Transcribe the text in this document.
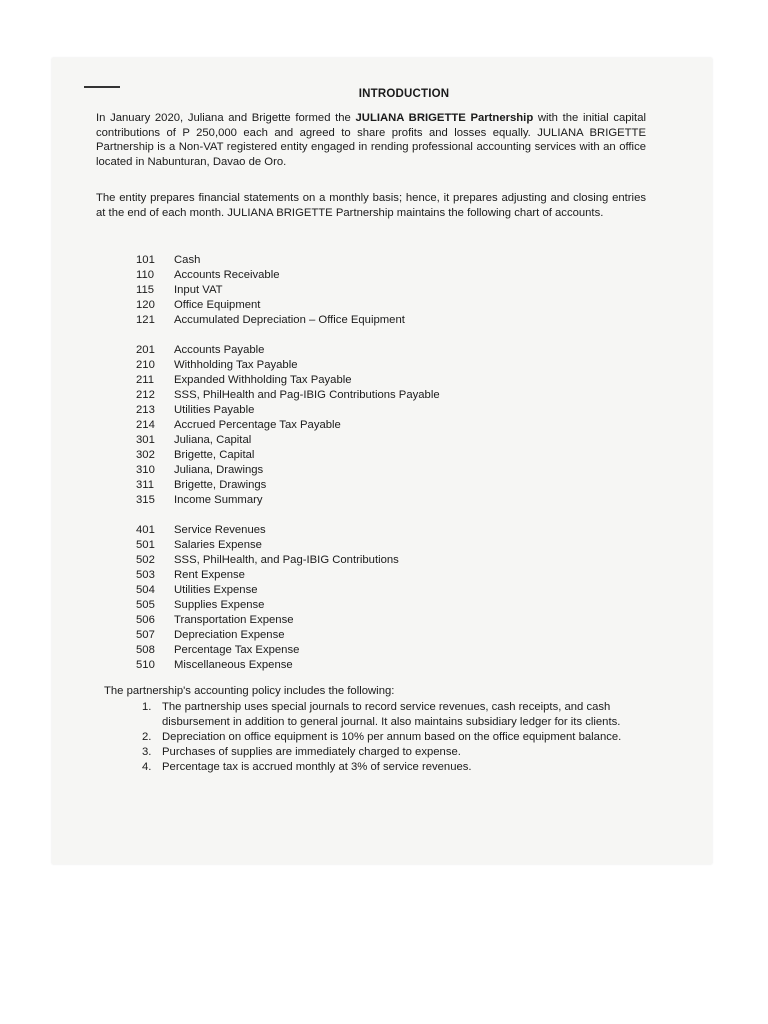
INTRODUCTION

In January 2020, Juliana and Brigette formed the JULIANA BRIGETTE Partnership with the initial capital contributions of P 250,000 each and agreed to share profits and losses equally. JULIANA BRIGETTE Partnership is a Non-VAT registered entity engaged in rending professional accounting services with an office located in Nabunturan, Davao de Oro.

The entity prepares financial statements on a monthly basis; hence, it prepares adjusting and closing entries at the end of each month. JULIANA BRIGETTE Partnership maintains the following chart of accounts.

101	Cash
110	Accounts Receivable
115	Input VAT
120	Office Equipment
121	Accumulated Depreciation – Office Equipment
201	Accounts Payable
210	Withholding Tax Payable
211	Expanded Withholding Tax Payable
212	SSS, PhilHealth and Pag-IBIG Contributions Payable
213	Utilities Payable
214	Accrued Percentage Tax Payable
301	Juliana, Capital
302	Brigette, Capital
310	Juliana, Drawings
311	Brigette, Drawings
315	Income Summary
401	Service Revenues
501	Salaries Expense
502	SSS, PhilHealth, and Pag-IBIG Contributions
503	Rent Expense
504	Utilities Expense
505	Supplies Expense
506	Transportation Expense
507	Depreciation Expense
508	Percentage Tax Expense
510	Miscellaneous Expense
The partnership's accounting policy includes the following:
1. The partnership uses special journals to record service revenues, cash receipts, and cash disbursement in addition to general journal. It also maintains subsidiary ledger for its clients.
2. Depreciation on office equipment is 10% per annum based on the office equipment balance.
3. Purchases of supplies are immediately charged to expense.
4. Percentage tax is accrued monthly at 3% of service revenues.
